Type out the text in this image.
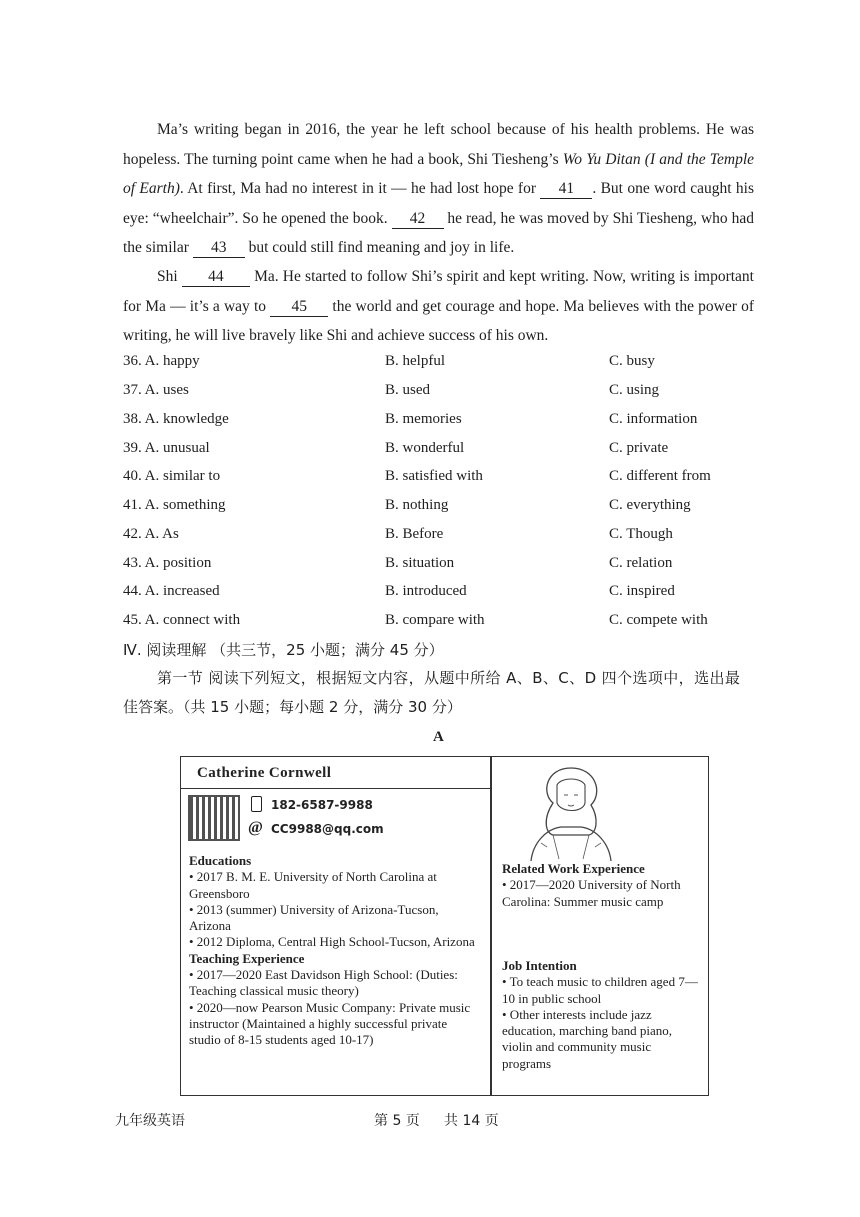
Ma’s writing began in 2016, the year he left school because of his health problems. He was hopeless. The turning point came when he had a book, Shi Tiesheng’s Wo Yu Ditan (I and the Temple of Earth). At first, Ma had no interest in it — he had lost hope for 41 . But one word caught his eye: “wheelchair”. So he opened the book. 42 he read, he was moved by Shi Tiesheng, who had the similar 43 but could still find meaning and joy in life.

Shi 44 Ma. He started to follow Shi’s spirit and kept writing. Now, writing is important for Ma — it’s a way to 45 the world and get courage and hope. Ma believes with the power of writing, he will live bravely like Shi and achieve success of his own.

36. A. happy	B. helpful	C. busy
37. A. uses	B. used	C. using
38. A. knowledge	B. memories	C. information
39. A. unusual	B. wonderful	C. private
40. A. similar to	B. satisfied with	C. different from
41. A. something	B. nothing	C. everything
42. A. As	B. Before	C. Though
43. A. position	B. situation	C. relation
44. A. increased	B. introduced	C. inspired
45. A. connect with	B. compare with	C. compete with
Ⅳ. 阅读理解 （共三节，25 小题；满分 45 分）
第一节 阅读下列短文，根据短文内容，从题中所给 A、B、C、D 四个选项中，选出最
佳答案。（共 15 小题；每小题 2 分，满分 30 分）
A
Catherine Cornwell
182-6587-9988
@ CC9988@qq.com
Educations

• 2017 B. M. E. University of North Carolina at Greensboro

• 2013 (summer) University of Arizona-Tucson, Arizona

• 2012 Diploma, Central High School-Tucson, Arizona

Teaching Experience

• 2017—2020 East Davidson High School: (Duties: Teaching classical music theory)

• 2020—now Pearson Music Company: Private music instructor (Maintained a highly successful private studio of 8-15 students aged 10-17)

Related Work Experience

• 2017—2020 University of North Carolina: Summer music camp

Job Intention

• To teach music to children aged 7—10 in public school

• Other interests include jazz education, marching band piano, violin and community music programs

九年级英语	第 5 页 共 14 页
